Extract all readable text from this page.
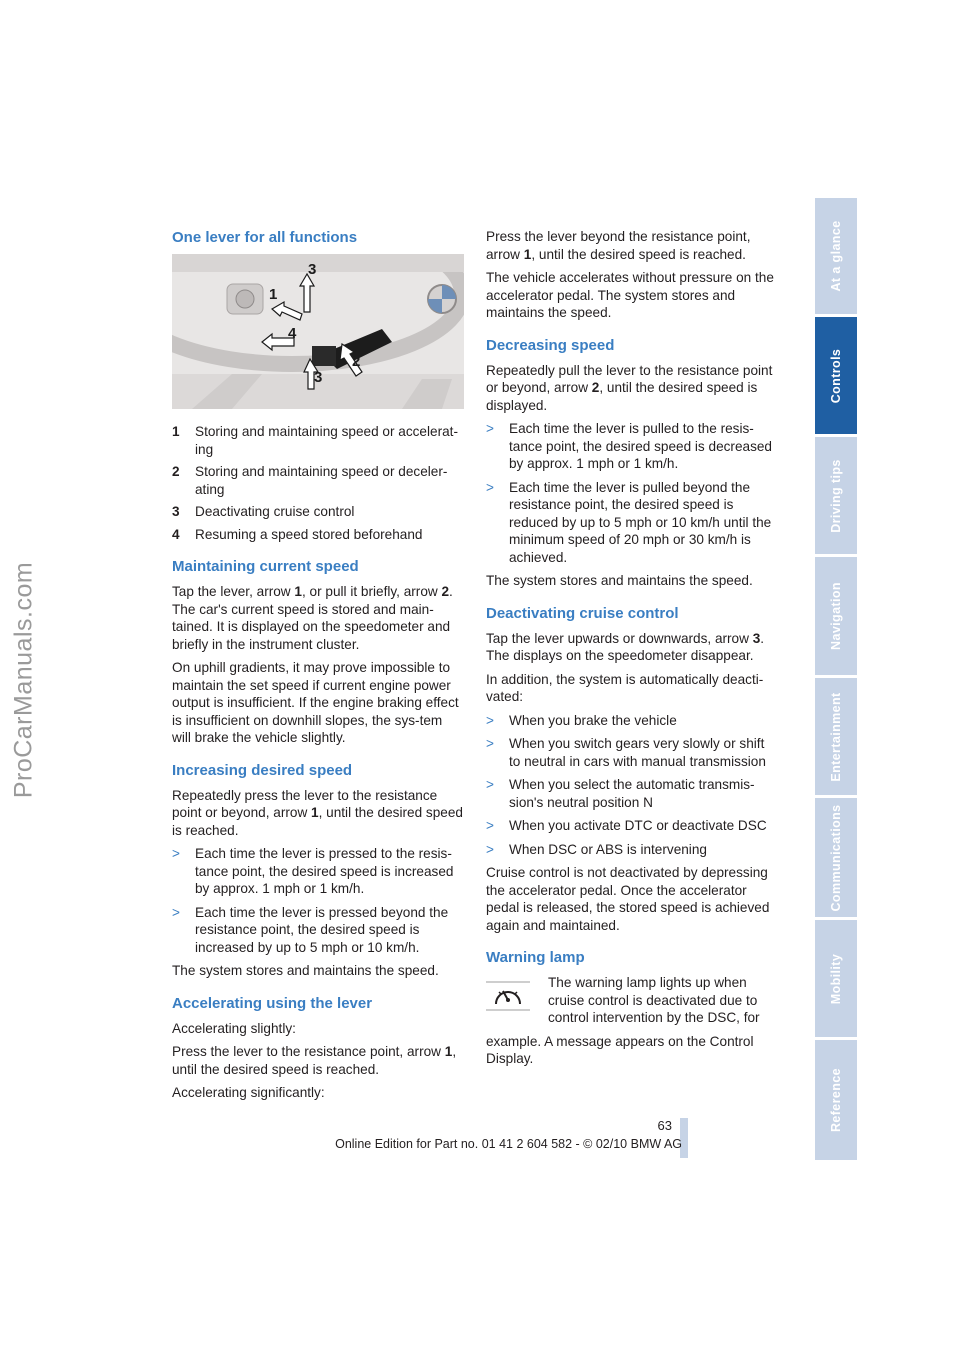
ProCarManuals.com
One lever for all functions
1
2
3
4
3
1	Storing and maintaining speed or accelerat-ing
2	Storing and maintaining speed or deceler-ating
3	Deactivating cruise control
4	Resuming a speed stored beforehand
Maintaining current speed

Tap the lever, arrow 1, or pull it briefly, arrow 2. The car's current speed is stored and main-tained. It is displayed on the speedometer and briefly in the instrument cluster.

On uphill gradients, it may prove impossible to maintain the set speed if current engine power output is insufficient. If the engine braking effect is insufficient on downhill slopes, the sys-tem will brake the vehicle slightly.

Increasing desired speed

Repeatedly press the lever to the resistance point or beyond, arrow 1, until the desired speed is reached.

>	Each time the lever is pressed to the resis-tance point, the desired speed is increased by approx. 1 mph or 1 km/h.
>	Each time the lever is pressed beyond the resistance point, the desired speed is increased by up to 5 mph or 10 km/h.

The system stores and maintains the speed.

Accelerating using the lever

Accelerating slightly:

Press the lever to the resistance point, arrow 1, until the desired speed is reached.

Accelerating significantly:

Press the lever beyond the resistance point, arrow 1, until the desired speed is reached.

The vehicle accelerates without pressure on the accelerator pedal. The system stores and maintains the speed.

Decreasing speed

Repeatedly pull the lever to the resistance point or beyond, arrow 2, until the desired speed is displayed.

>	Each time the lever is pulled to the resis-tance point, the desired speed is decreased by approx. 1 mph or 1 km/h.
>	Each time the lever is pulled beyond the resistance point, the desired speed is reduced by up to 5 mph or 10 km/h until the minimum speed of 20 mph or 30 km/h is achieved.

The system stores and maintains the speed.

Deactivating cruise control

Tap the lever upwards or downwards, arrow 3. The displays on the speedometer disappear.

In addition, the system is automatically deacti-vated:

>	When you brake the vehicle
>	When you switch gears very slowly or shift to neutral in cars with manual transmission
>	When you select the automatic transmis-sion's neutral position N
>	When you activate DTC or deactivate DSC
>	When DSC or ABS is intervening

Cruise control is not deactivated by depressing the accelerator pedal. Once the accelerator pedal is released, the stored speed is achieved again and maintained.

Warning lamp

The warning lamp lights up when cruise control is deactivated due to control intervention by the DSC, for

example. A message appears on the Control Display.

At a glance
Controls
Driving tips
Navigation
Entertainment
Communications
Mobility
Reference
63
Online Edition for Part no. 01 41 2 604 582 - © 02/10 BMW AG
